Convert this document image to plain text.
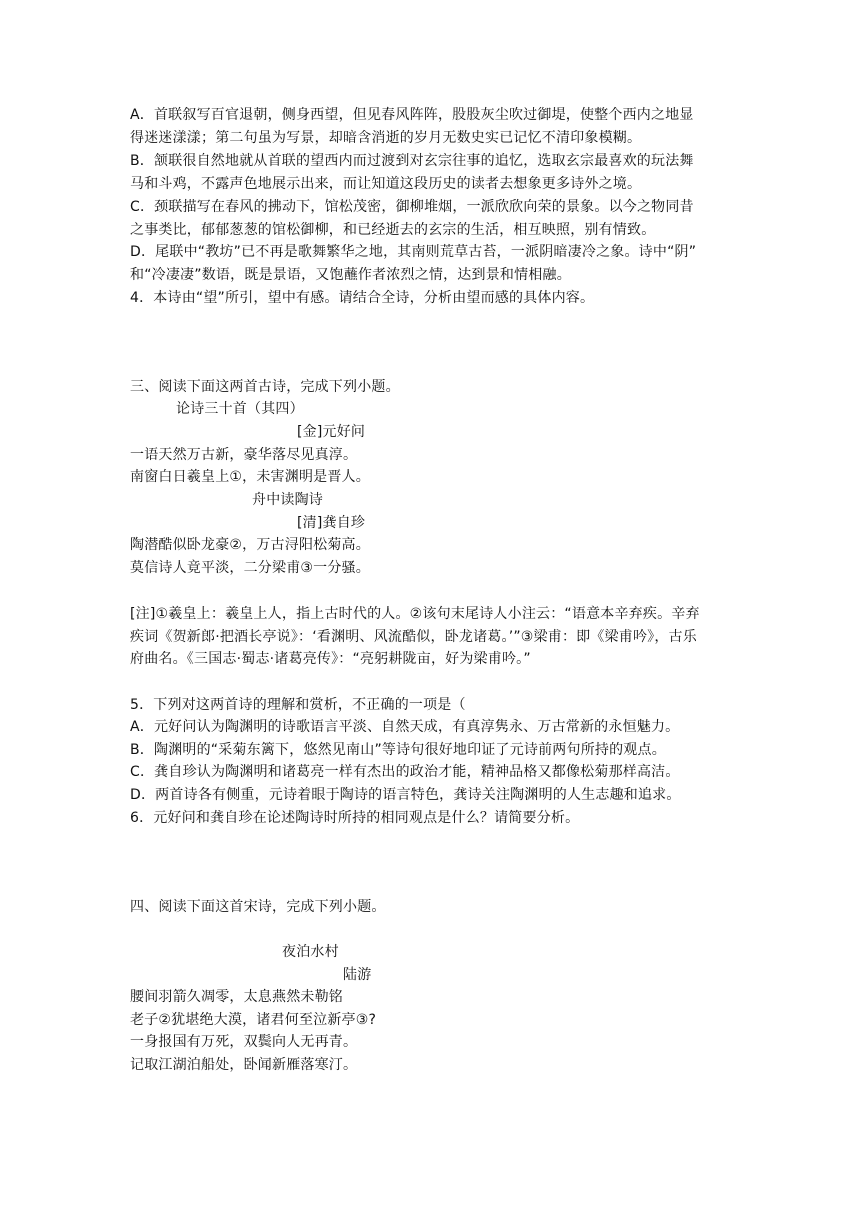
A．首联叙写百官退朝，侧身西望，但见春风阵阵，股股灰尘吹过御堤，使整个西内之地显
得迷迷漾漾；第二句虽为写景，却暗含消逝的岁月无数史实已记忆不清印象模糊。
B．颔联很自然地就从首联的望西内而过渡到对玄宗往事的追忆，选取玄宗最喜欢的玩法舞
马和斗鸡，不露声色地展示出来，而让知道这段历史的读者去想象更多诗外之境。
C．颈联描写在春风的拂动下，馆松茂密，御柳堆烟，一派欣欣向荣的景象。以今之物同昔
之事类比，郁郁葱葱的馆松御柳，和已经逝去的玄宗的生活，相互映照，别有情致。
D．尾联中“教坊”已不再是歌舞繁华之地，其南则荒草古苔，一派阴暗凄冷之象。诗中“阴”
和“冷凄凄”数语，既是景语，又饱蘸作者浓烈之情，达到景和情相融。
4．本诗由“望”所引，望中有感。请结合全诗，分析由望而感的具体内容。
三、阅读下面这两首古诗，完成下列小题。
论诗三十首（其四）
[金]元好问
一语天然万古新，豪华落尽见真淳。
南窗白日羲皇上①，未害渊明是晋人。
舟中读陶诗
[清]龚自珍
陶潜酷似卧龙豪②，万古浔阳松菊高。
莫信诗人竟平淡，二分梁甫③一分骚。
[注]①羲皇上：羲皇上人，指上古时代的人。②该句末尾诗人小注云：“语意本辛弃疾。辛弃
疾词《贺新郎·把酒长亭说》：‘看渊明、风流酷似，卧龙诸葛。’”③梁甫：即《梁甫吟》，古乐
府曲名。《三国志·蜀志·诸葛亮传》：“亮躬耕陇亩，好为梁甫吟。”
5．下列对这两首诗的理解和赏析，不正确的一项是（
A．元好问认为陶渊明的诗歌语言平淡、自然天成，有真淳隽永、万古常新的永恒魅力。
B．陶渊明的“采菊东篱下，悠然见南山”等诗句很好地印证了元诗前两句所持的观点。
C．龚自珍认为陶渊明和诸葛亮一样有杰出的政治才能，精神品格又都像松菊那样高洁。
D．两首诗各有侧重，元诗着眼于陶诗的语言特色，龚诗关注陶渊明的人生志趣和追求。
6．元好问和龚自珍在论述陶诗时所持的相同观点是什么？请简要分析。
四、阅读下面这首宋诗，完成下列小题。
夜泊水村
陆游
腰间羽箭久凋零，太息燕然未勒铭
老子②犹堪绝大漠，诸君何至泣新亭③?
一身报国有万死，双鬓向人无再青。
记取江湖泊船处，卧闻新雁落寒汀。
